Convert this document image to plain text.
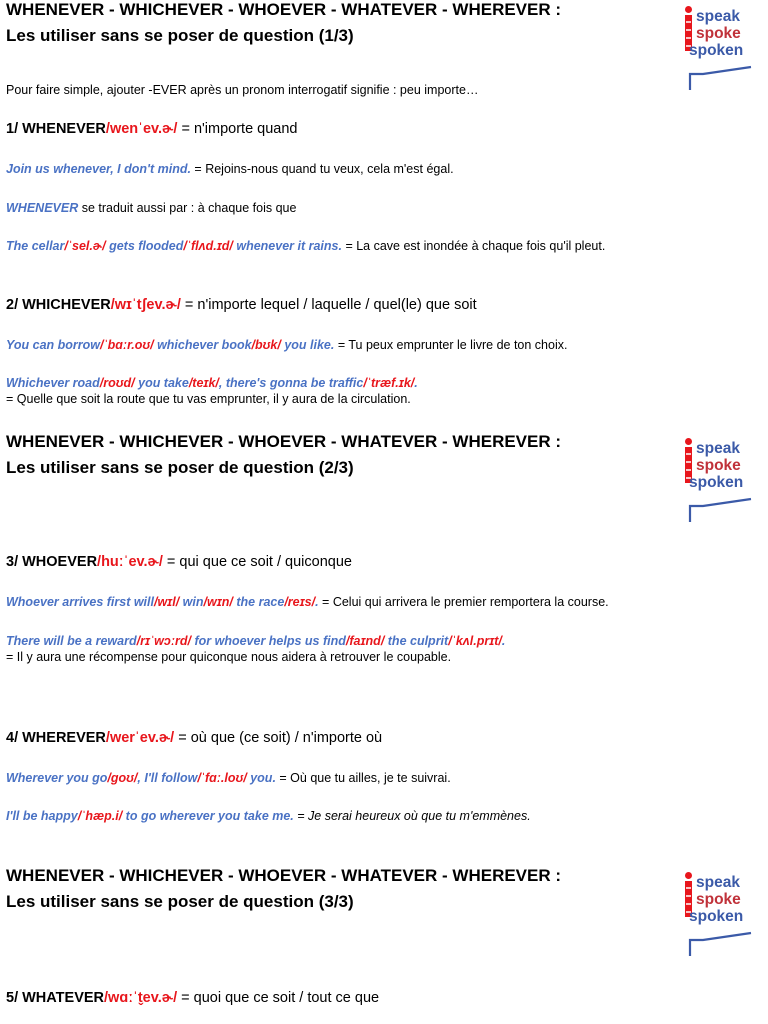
WHENEVER - WHICHEVER - WHOEVER - WHATEVER - WHEREVER :
Les utiliser sans se poser de question (1/3)
speak
spoke
spoken
Pour faire simple, ajouter -EVER après un pronom interrogatif signifie : peu importe…
1/ WHENEVER/wenˈev.ɚ/ = n'importe quand
Join us whenever, I don't mind. = Rejoins-nous quand tu veux, cela m'est égal.
WHENEVER se traduit aussi par : à chaque fois que
The cellar/ˈsel.ɚ/ gets flooded/ˈflʌd.ɪd/ whenever it rains. = La cave est inondée à chaque fois qu'il pleut.
2/ WHICHEVER/wɪˈtʃev.ɚ/ = n'importe lequel / laquelle / quel(le) que soit
You can borrow/ˈbɑːr.oʊ/ whichever book/bʊk/ you like. = Tu peux emprunter le livre de ton choix.
Whichever road/roʊd/ you take/teɪk/, there's gonna be traffic/ˈtræf.ɪk/.
= Quelle que soit la route que tu vas emprunter, il y aura de la circulation.
WHENEVER - WHICHEVER - WHOEVER - WHATEVER - WHEREVER :
Les utiliser sans se poser de question (2/3)
speak
spoke
spoken
3/ WHOEVER/huːˈev.ɚ/ = qui que ce soit / quiconque
Whoever arrives first will/wɪl/ win/wɪn/ the race/reɪs/. = Celui qui arrivera le premier remportera la course.
There will be a reward/rɪˈwɔːrd/ for whoever helps us find/faɪnd/ the culprit/ˈkʌl.prɪt/.
= Il y aura une récompense pour quiconque nous aidera à retrouver le coupable.
4/ WHEREVER/werˈev.ɚ/ = où que (ce soit) / n'importe où
Wherever you go/goʊ/, I'll follow/ˈfɑː.loʊ/ you. = Où que tu ailles, je te suivrai.
I'll be happy/ˈhæp.i/ to go wherever you take me. = Je serai heureux où que tu m'emmènes.
WHENEVER - WHICHEVER - WHOEVER - WHATEVER - WHEREVER :
Les utiliser sans se poser de question (3/3)
speak
spoke
spoken
5/ WHATEVER/wɑːˈt̬ev.ɚ/ = quoi que ce soit / tout ce que
